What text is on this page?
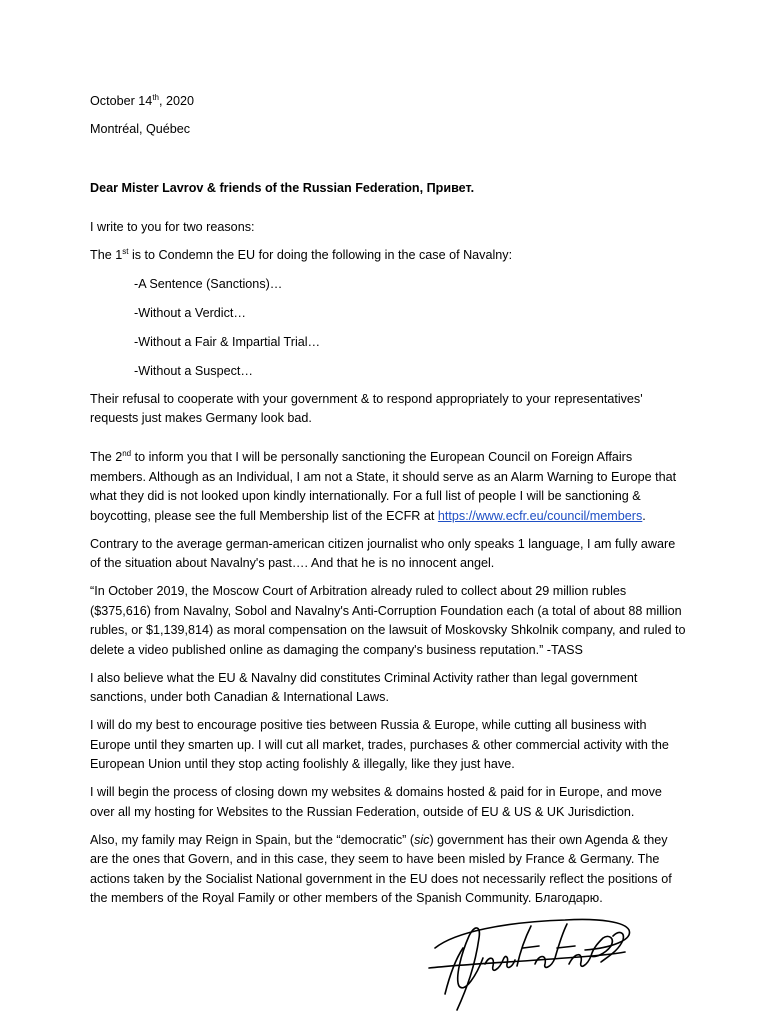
October 14th, 2020

Montréal, Québec

Dear Mister Lavrov & friends of the Russian Federation, Привет.

I write to you for two reasons:

The 1st is to Condemn the EU for doing the following in the case of Navalny:

-A Sentence (Sanctions)…

-Without a Verdict…

-Without a Fair & Impartial Trial…

-Without a Suspect…

Their refusal to cooperate with your government & to respond appropriately to your representatives' requests just makes Germany look bad.

The 2nd to inform you that I will be personally sanctioning the European Council on Foreign Affairs members. Although as an Individual, I am not a State, it should serve as an Alarm Warning to Europe that what they did is not looked upon kindly internationally. For a full list of people I will be sanctioning & boycotting, please see the full Membership list of the ECFR at https://www.ecfr.eu/council/members.

Contrary to the average german-american citizen journalist who only speaks 1 language, I am fully aware of the situation about Navalny's past…. And that he is no innocent angel.

“In October 2019, the Moscow Court of Arbitration already ruled to collect about 29 million rubles ($375,616) from Navalny, Sobol and Navalny's Anti-Corruption Foundation each (a total of about 88 million rubles, or $1,139,814) as moral compensation on the lawsuit of Moskovsky Shkolnik company, and ruled to delete a video published online as damaging the company's business reputation.” -TASS

I also believe what the EU & Navalny did constitutes Criminal Activity rather than legal government sanctions, under both Canadian & International Laws.

I will do my best to encourage positive ties between Russia & Europe, while cutting all business with Europe until they smarten up. I will cut all market, trades, purchases & other commercial activity with the European Union until they stop acting foolishly & illegally, like they just have.

I will begin the process of closing down my websites & domains hosted & paid for in Europe, and move over all my hosting for Websites to the Russian Federation, outside of EU & US & UK Jurisdiction.

Also, my family may Reign in Spain, but the “democratic” (sic) government has their own Agenda & they are the ones that Govern, and in this case, they seem to have been misled by France & Germany. The actions taken by the Socialist National government in the EU does not necessarily reflect the positions of the members of the Royal Family or other members of the Spanish Community. Благодарю.
